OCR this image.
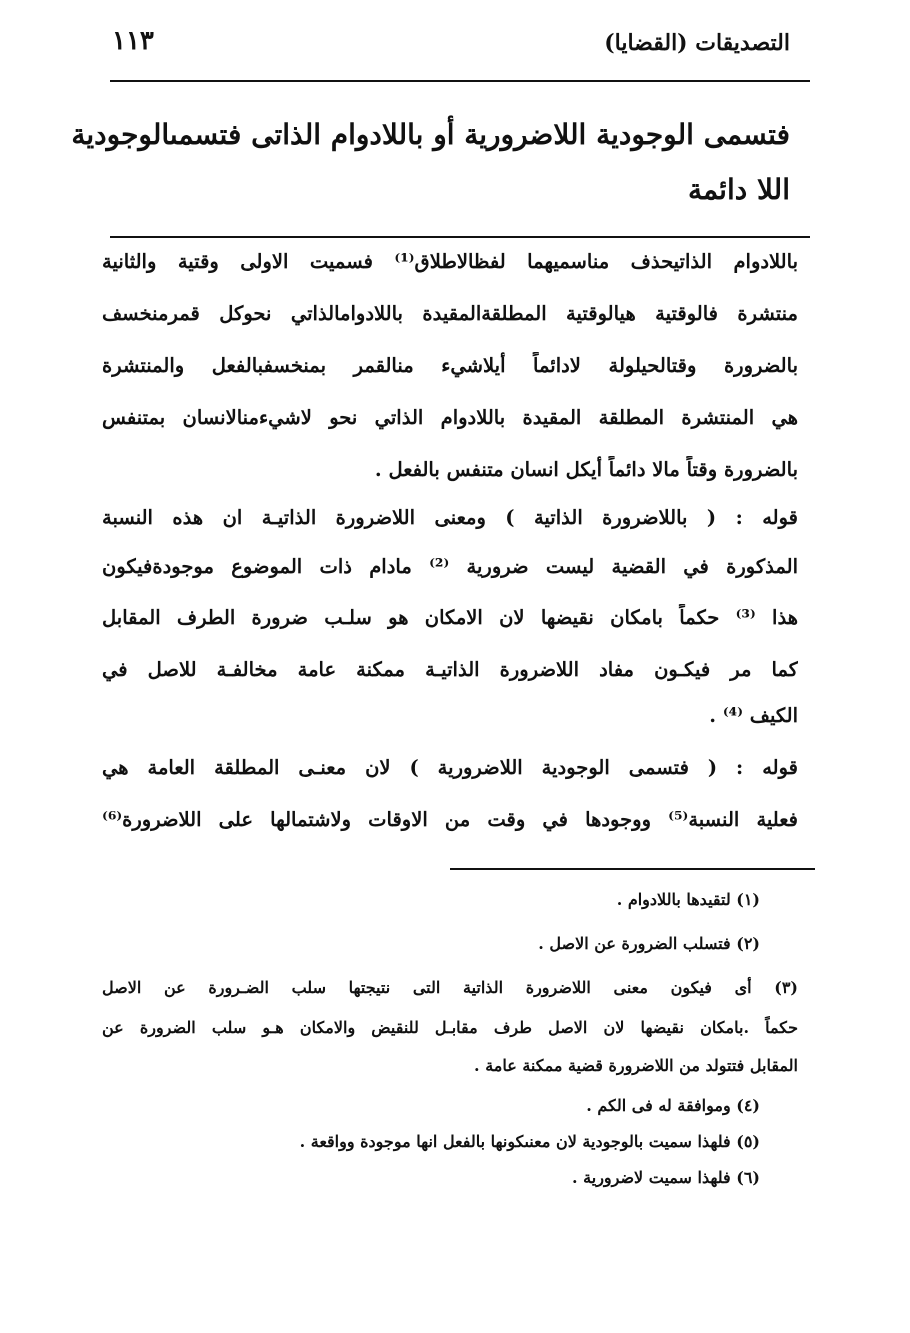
التصديقات (القضايا)
١١٣
فتسمى الوجودية اللاضرورية أو باللادوام الذاتى فتسمىالوجودية
اللا دائمة
باللادوام الذاتيحذف مناسميهما لفظالاطلاق⁽¹⁾ فسميت الاولى وقتية والثانية
منتشرة فالوقتية هيالوقتية المطلقةالمقيدة باللادوامالذاتي نحوكل قمرمنخسف
بالضرورة وقتالحيلولة لادائماً أيلاشيء منالقمر بمنخسفبالفعل والمنتشرة
هي المنتشرة المطلقة المقيدة باللادوام الذاتي نحو لاشيءمنالانسان بمتنفس
بالضرورة وقتاً مالا دائماً أيكل انسان متنفس بالفعل .
قوله : ( باللاضرورة الذاتية ) ومعنى اللاضرورة الذاتيـة ان هذه النسبة
المذكورة في القضية ليست ضرورية ⁽²⁾ مادام ذات الموضوع موجودةفيكون
هذا ⁽³⁾ حكماً بامكان نقيضها لان الامكان هو سلـب ضرورة الطرف المقابل
كما مر فيكـون مفاد اللاضرورة الذاتيـة ممكنة عامة مخالفـة للاصل في
الكيف ⁽⁴⁾ .
قوله : ( فتسمى الوجودية اللاضرورية ) لان معنـى المطلقة العامة هي
فعلية النسبة⁽⁵⁾ ووجودها في وقت من الاوقات ولاشتمالها على اللاضرورة⁽⁶⁾
(١) لتقيدها باللادوام .
(٢) فتسلب الضرورة عن الاصل .
(٣) أى فيكون معنى اللاضرورة الذاتية التى نتيجتها سلب الضـرورة عن الاصل
حكماً .بامكان نقيضها لان الاصل طرف مقابـل للنقيض والامكان هـو سلب الضرورة عن
المقابل فتتولد من اللاضرورة قضية ممكنة عامة .
(٤) وموافقة له فى الكم .
(٥) فلهذا سميت بالوجودية لان معنىكونها بالفعل انها موجودة وواقعة .
(٦) فلهذا سميت لاضرورية .
